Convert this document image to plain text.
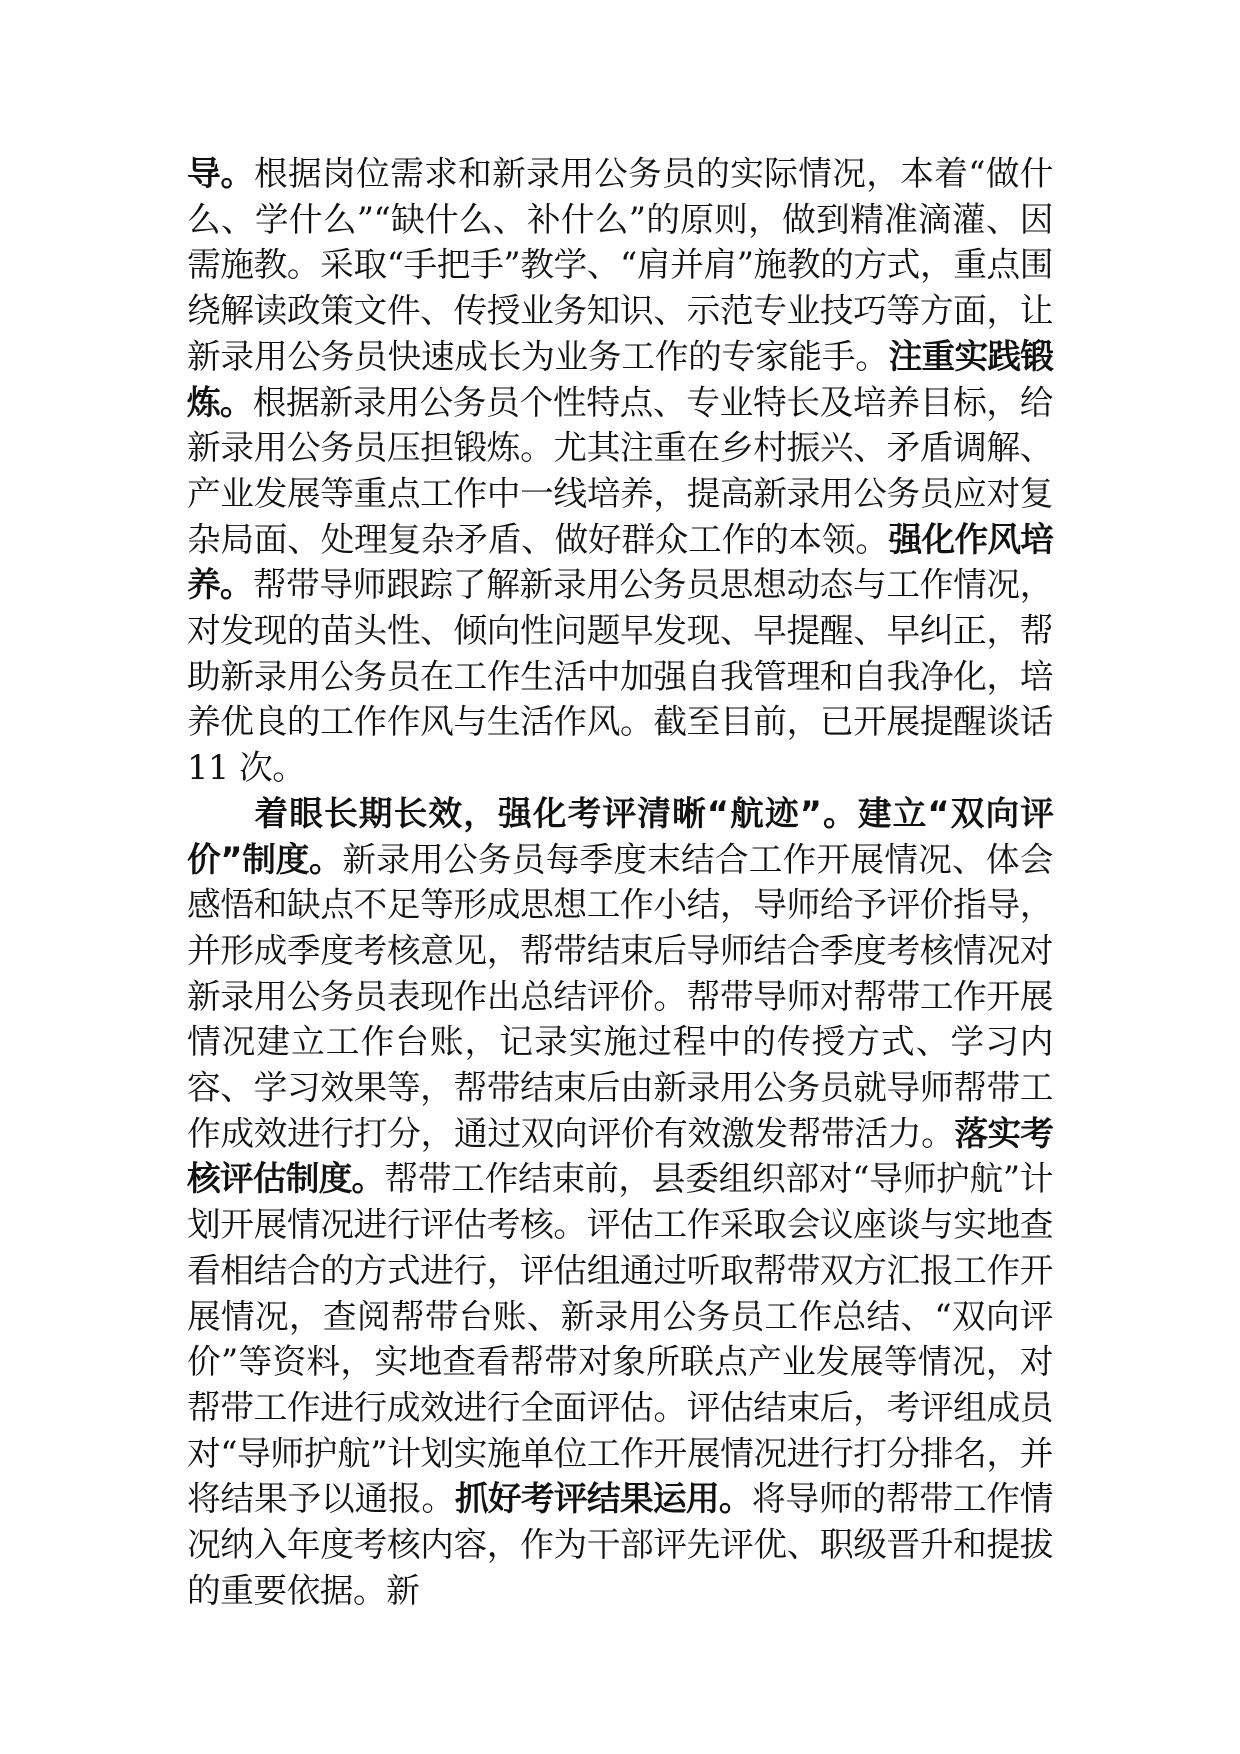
导。根据岗位需求和新录用公务员的实际情况，本着“做什么、学什么”“缺什么、补什么”的原则，做到精准滴灌、因需施教。采取“手把手”教学、“肩并肩”施教的方式，重点围绕解读政策文件、传授业务知识、示范专业技巧等方面，让新录用公务员快速成长为业务工作的专家能手。注重实践锻炼。根据新录用公务员个性特点、专业特长及培养目标，给新录用公务员压担锻炼。尤其注重在乡村振兴、矛盾调解、产业发展等重点工作中一线培养，提高新录用公务员应对复杂局面、处理复杂矛盾、做好群众工作的本领。强化作风培养。帮带导师跟踪了解新录用公务员思想动态与工作情况，对发现的苗头性、倾向性问题早发现、早提醒、早纠正，帮助新录用公务员在工作生活中加强自我管理和自我净化，培养优良的工作作风与生活作风。截至目前，已开展提醒谈话 11 次。

着眼长期长效，强化考评清晰“航迹”。建立“双向评价”制度。新录用公务员每季度末结合工作开展情况、体会感悟和缺点不足等形成思想工作小结，导师给予评价指导，并形成季度考核意见，帮带结束后导师结合季度考核情况对新录用公务员表现作出总结评价。帮带导师对帮带工作开展情况建立工作台账，记录实施过程中的传授方式、学习内容、学习效果等，帮带结束后由新录用公务员就导师帮带工作成效进行打分，通过双向评价有效激发帮带活力。落实考核评估制度。帮带工作结束前，县委组织部对“导师护航”计划开展情况进行评估考核。评估工作采取会议座谈与实地查看相结合的方式进行，评估组通过听取帮带双方汇报工作开展情况，查阅帮带台账、新录用公务员工作总结、“双向评价”等资料，实地查看帮带对象所联点产业发展等情况，对帮带工作进行成效进行全面评估。评估结束后，考评组成员对“导师护航”计划实施单位工作开展情况进行打分排名，并将结果予以通报。抓好考评结果运用。将导师的帮带工作情况纳入年度考核内容，作为干部评先评优、职级晋升和提拔的重要依据。新
